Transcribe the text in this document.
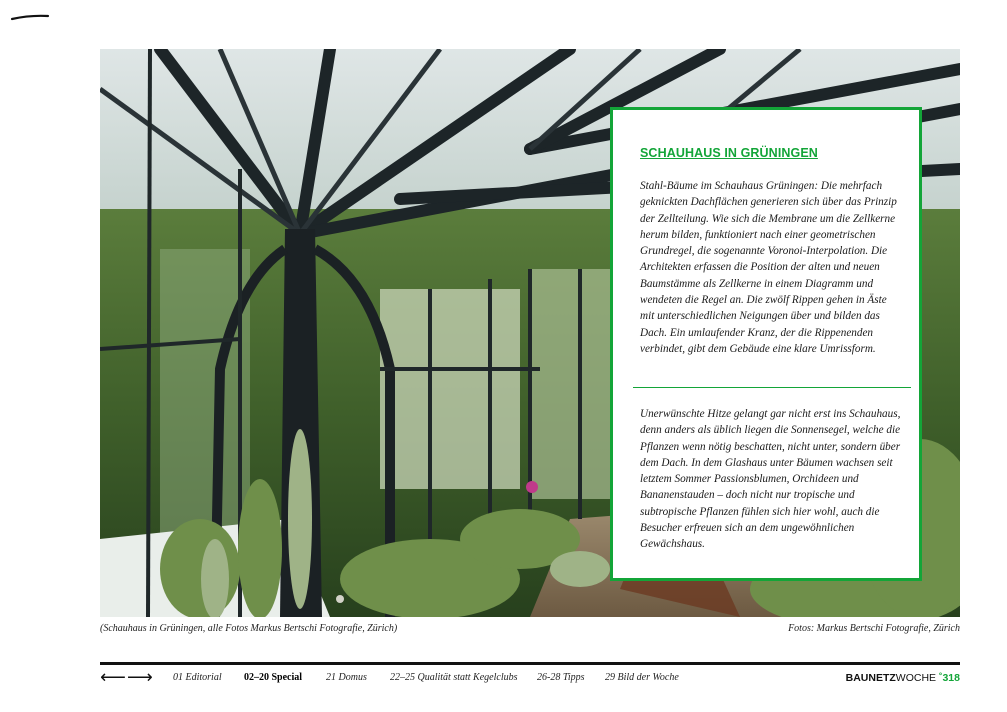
(Schauhaus in Grüningen, alle Fotos Markus Bertschi Fotografie, Zürich)	Fotos: Markus Bertschi Fotografie, Zürich
SCHAUHAUS IN GRÜNINGEN

Stahl-Bäume im Schauhaus Grüningen: Die mehrfach geknickten Dachflächen generieren sich über das Prinzip der Zellteilung. Wie sich die Membrane um die Zellkerne herum bilden, funktioniert nach einer geometrischen Grundregel, die sogenannte Voronoi-Interpolation. Die Architekten erfassen die Position der alten und neuen Baumstämme als Zellkerne in einem Diagramm und wendeten die Regel an. Die zwölf Rippen gehen in Äste mit unterschiedlichen Neigungen über und bilden das Dach. Ein umlaufender Kranz, der die Rippenenden verbindet, gibt dem Gebäude eine klare Umrissform.

Unerwünschte Hitze gelangt gar nicht erst ins Schauhaus, denn anders als üblich liegen die Sonnensegel, welche die Pflanzen wenn nötig beschatten, nicht unter, sondern über dem Dach. In dem Glashaus unter Bäumen wachsen seit letztem Sommer Passionsblumen, Orchideen und Bananenstauden – doch nicht nur tropische und subtropische Pflanzen fühlen sich hier wohl, auch die Besucher erfreuen sich an dem ungewöhnlichen Gewächshaus.

⟵ ⟶ 01 Editorial 02–20 Special 21 Domus 22–25 Qualität statt Kegelclubs 26-28 Tipps 29 Bild der Woche	BAUNETZWOCHE ˚318
